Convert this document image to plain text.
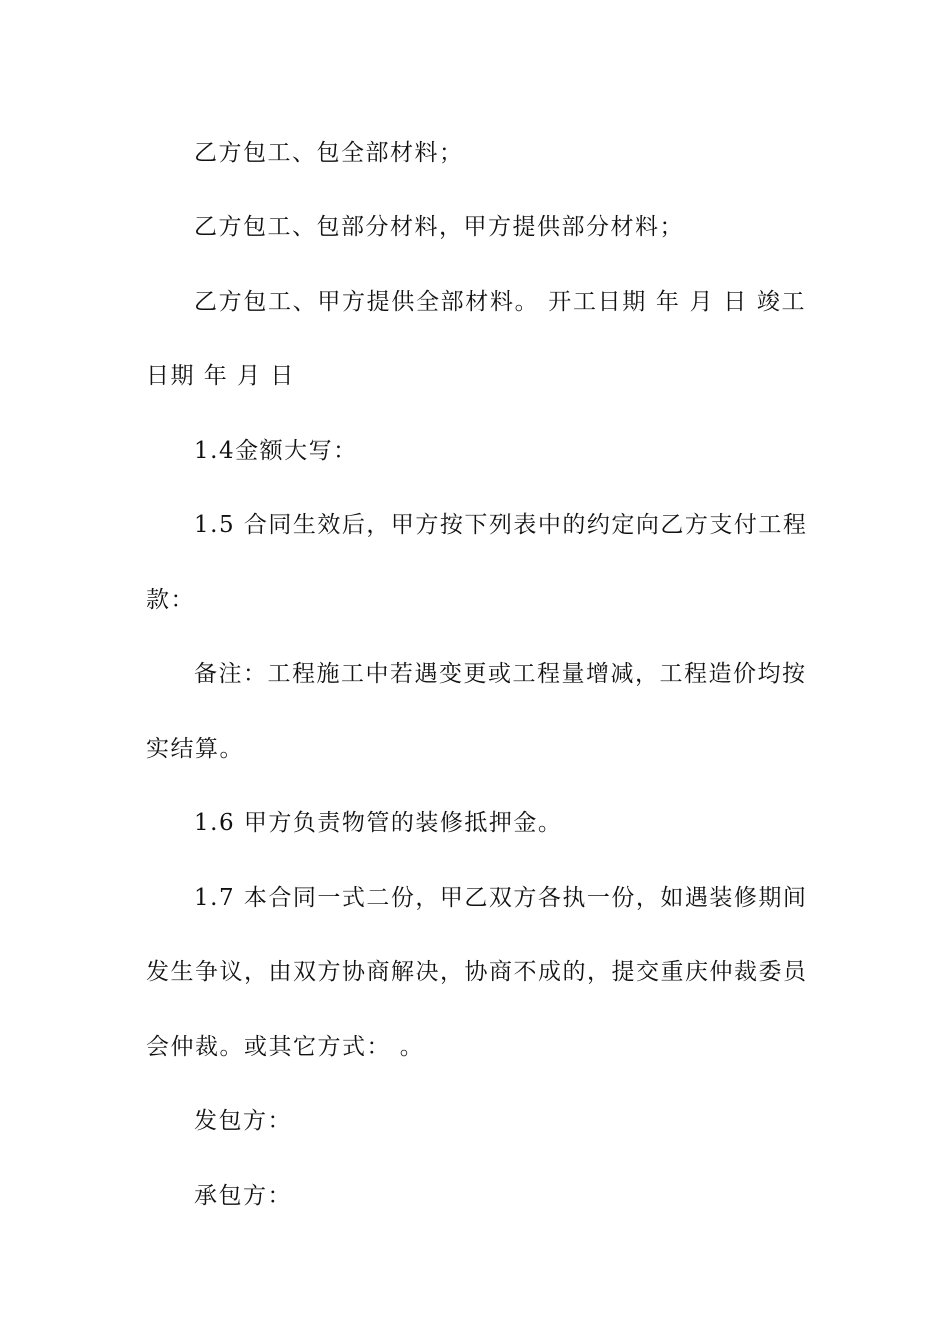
乙方包工、包全部材料；
乙方包工、包部分材料，甲方提供部分材料；
乙方包工、甲方提供全部材料。 开工日期 年 月 日 竣工
日期 年 月 日
1.4金额大写：
1.5 合同生效后，甲方按下列表中的约定向乙方支付工程
款：
备注：工程施工中若遇变更或工程量增减，工程造价均按
实结算。
1.6 甲方负责物管的装修抵押金。
1.7 本合同一式二份，甲乙双方各执一份，如遇装修期间
发生争议，由双方协商解决，协商不成的，提交重庆仲裁委员
会仲裁。或其它方式： 。
发包方：
承包方：
